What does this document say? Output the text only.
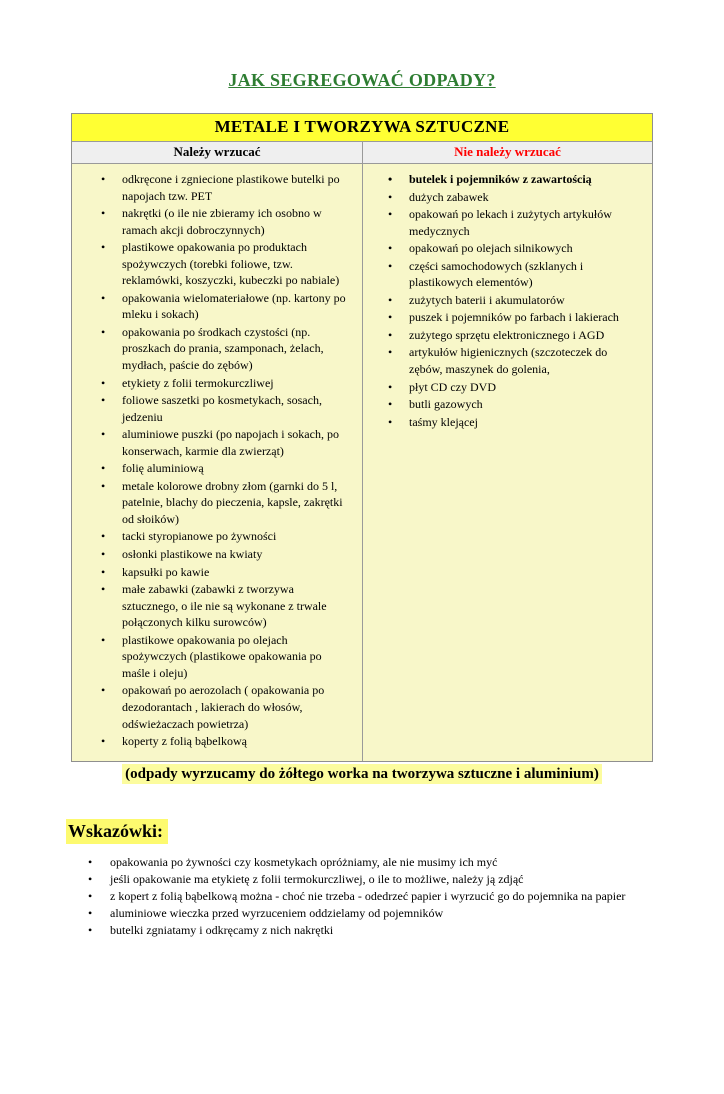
JAK SEGREGOWAĆ ODPADY?
METALE I TWORZYWA SZTUCZNE
Należy wrzucać	Nie należy wrzucać
• odkręcone i zgniecione plastikowe butelki po napojach tzw. PET
• nakrętki (o ile nie zbieramy ich osobno w ramach akcji dobroczynnych)
• plastikowe opakowania po produktach spożywczych (torebki foliowe, tzw. reklamówki, koszyczki, kubeczki po nabiale)
• opakowania wielomateriałowe (np. kartony po mleku i sokach)
• opakowania po środkach czystości (np. proszkach do prania, szamponach, żelach, mydłach, paście do zębów)
• etykiety z folii termokurczliwej
• foliowe saszetki po kosmetykach, sosach, jedzeniu
• aluminiowe puszki (po napojach i sokach, po konserwach, karmie dla zwierząt)
• folię aluminiową
• metale kolorowe drobny złom (garnki do 5 l, patelnie, blachy do pieczenia, kapsle, zakrętki od słoików)
• tacki styropianowe po żywności
• osłonki plastikowe na kwiaty
• kapsułki po kawie
• małe zabawki (zabawki z tworzywa sztucznego, o ile nie są wykonane z trwale połączonych kilku surowców)
• plastikowe opakowania po olejach spożywczych (plastikowe opakowania po maśle i oleju)
• opakowań po aerozolach ( opakowania po dezodorantach , lakierach do włosów, odświeżaczach powietrza)
• koperty z folią bąbelkową
• butelek i pojemników z zawartością
• dużych zabawek
• opakowań po lekach i zużytych artykułów medycznych
• opakowań po olejach silnikowych
• części samochodowych (szklanych i plastikowych elementów)
• zużytych baterii i akumulatorów
• puszek i pojemników po farbach i lakierach
• zużytego sprzętu elektronicznego i AGD
• artykułów higienicznych (szczoteczek do zębów, maszynek do golenia,
• płyt CD czy DVD
• butli gazowych
• taśmy klejącej

(odpady wyrzucamy do żółtego worka na tworzywa sztuczne i aluminium)

Wskazówki:
• opakowania po żywności czy kosmetykach opróżniamy, ale nie musimy ich myć
• jeśli opakowanie ma etykietę z folii termokurczliwej, o ile to możliwe, należy ją zdjąć
• z kopert z folią bąbelkową można - choć nie trzeba - odedrzeć papier i wyrzucić go do pojemnika na papier
• aluminiowe wieczka przed wyrzuceniem oddzielamy od pojemników
• butelki zgniatamy i odkręcamy z nich nakrętki
